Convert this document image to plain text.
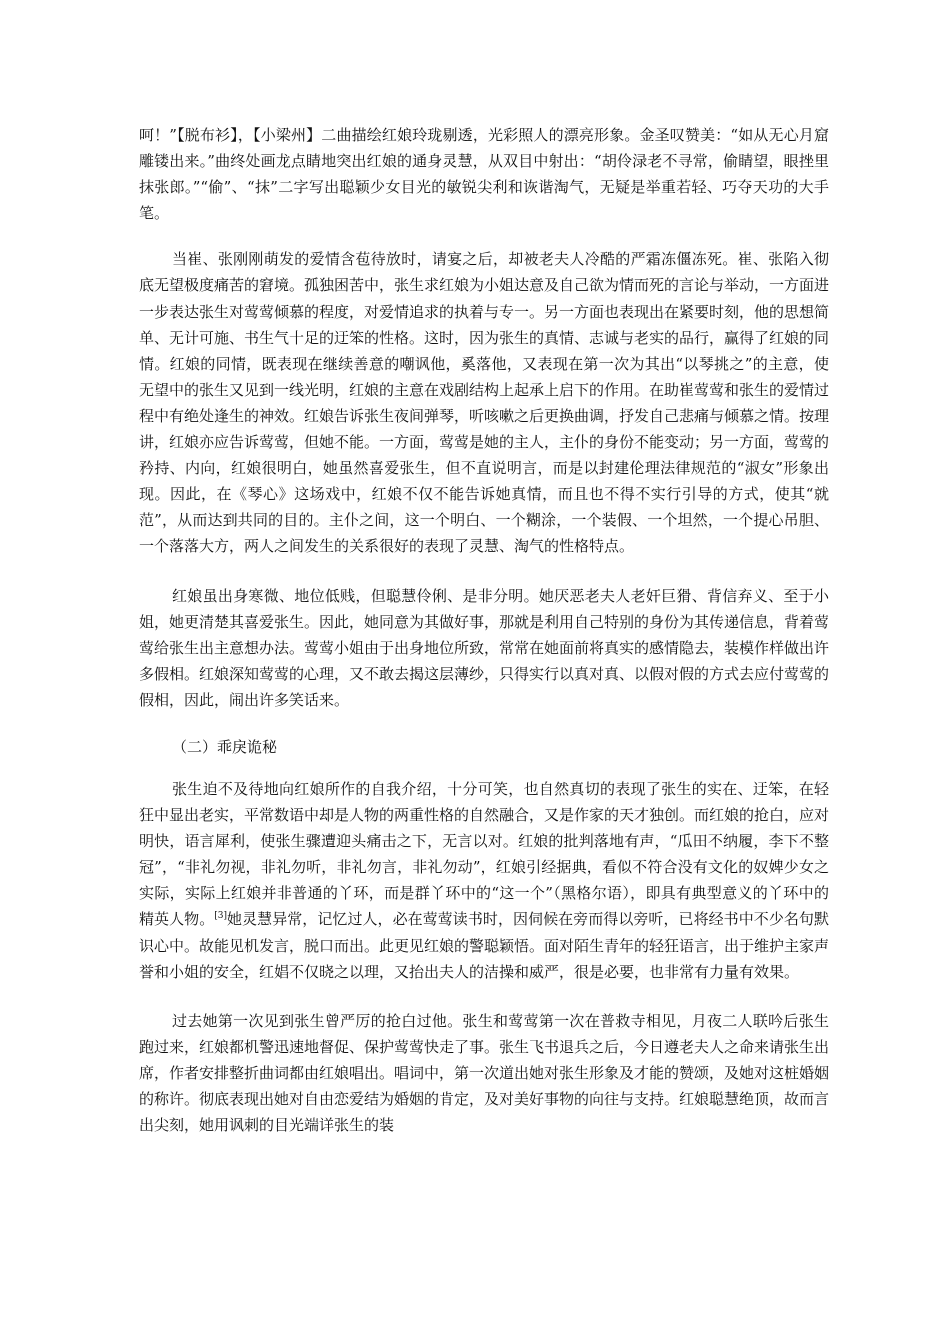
呵！”【脱布衫】，【小梁州】二曲描绘红娘玲珑剔透，光彩照人的漂亮形象。金圣叹赞美：“如从无心月窟雕镂出来。”曲终处画龙点睛地突出红娘的通身灵慧，从双目中射出：“胡伶渌老不寻常，偷睛望，眼挫里抹张郎。”“偷”、“抹”二字写出聪颖少女目光的敏锐尖利和诙谐淘气，无疑是举重若轻、巧夺天功的大手笔。

当崔、张刚刚萌发的爱情含苞待放时，请宴之后，却被老夫人冷酷的严霜冻僵冻死。崔、张陷入彻底无望极度痛苦的窘境。孤独困苦中，张生求红娘为小姐达意及自己欲为情而死的言论与举动，一方面进一步表达张生对莺莺倾慕的程度，对爱情追求的执着与专一。另一方面也表现出在紧要时刻，他的思想简单、无计可施、书生气十足的迂笨的性格。这时，因为张生的真情、志诚与老实的品行，赢得了红娘的同情。红娘的同情，既表现在继续善意的嘲讽他，奚落他，又表现在第一次为其出“以琴挑之”的主意，使无望中的张生又见到一线光明，红娘的主意在戏剧结构上起承上启下的作用。在助崔莺莺和张生的爱情过程中有绝处逢生的神效。红娘告诉张生夜间弹琴，听咳嗽之后更换曲调，抒发自己悲痛与倾慕之情。按理讲，红娘亦应告诉莺莺，但她不能。一方面，莺莺是她的主人，主仆的身份不能变动；另一方面，莺莺的矜持、内向，红娘很明白，她虽然喜爱张生，但不直说明言，而是以封建伦理法律规范的“淑女”形象出现。因此，在《琴心》这场戏中，红娘不仅不能告诉她真情，而且也不得不实行引导的方式，使其“就范”，从而达到共同的目的。主仆之间，这一个明白、一个糊涂，一个装假、一个坦然，一个提心吊胆、一个落落大方，两人之间发生的关系很好的表现了灵慧、淘气的性格特点。

红娘虽出身寒微、地位低贱，但聪慧伶俐、是非分明。她厌恶老夫人老奸巨猾、背信弃义、至于小姐，她更清楚其喜爱张生。因此，她同意为其做好事，那就是利用自己特别的身份为其传递信息，背着莺莺给张生出主意想办法。莺莺小姐由于出身地位所致，常常在她面前将真实的感情隐去，装模作样做出许多假相。红娘深知莺莺的心理，又不敢去揭这层薄纱，只得实行以真对真、以假对假的方式去应付莺莺的假相，因此，闹出许多笑话来。

（二）乖戾诡秘

张生迫不及待地向红娘所作的自我介绍，十分可笑，也自然真切的表现了张生的实在、迂笨，在轻狂中显出老实，平常数语中却是人物的两重性格的自然融合，又是作家的天才独创。而红娘的抢白，应对明快，语言犀利，使张生骤遭迎头痛击之下，无言以对。红娘的批判落地有声，“瓜田不纳履，李下不整冠”，“非礼勿视，非礼勿听，非礼勿言，非礼勿动”，红娘引经据典，看似不符合没有文化的奴婢少女之实际，实际上红娘并非普通的丫环，而是群丫环中的“这一个”（黑格尔语），即具有典型意义的丫环中的精英人物。[3]她灵慧异常，记忆过人，必在莺莺读书时，因伺候在旁而得以旁听，已将经书中不少名句默识心中。故能见机发言，脱口而出。此更见红娘的警聪颖悟。面对陌生青年的轻狂语言，出于维护主家声誉和小姐的安全，红娼不仅晓之以理，又抬出夫人的洁操和威严，很是必要，也非常有力量有效果。

过去她第一次见到张生曾严厉的抢白过他。张生和莺莺第一次在普救寺相见，月夜二人联吟后张生跑过来，红娘都机警迅速地督促、保护莺莺快走了事。张生飞书退兵之后，今日遵老夫人之命来请张生出席，作者安排整折曲词都由红娘唱出。唱词中，第一次道出她对张生形象及才能的赞颂，及她对这桩婚姻的称许。彻底表现出她对自由恋爱结为婚姻的肯定，及对美好事物的向往与支持。红娘聪慧绝顶，故而言出尖刻，她用讽刺的目光端详张生的装
